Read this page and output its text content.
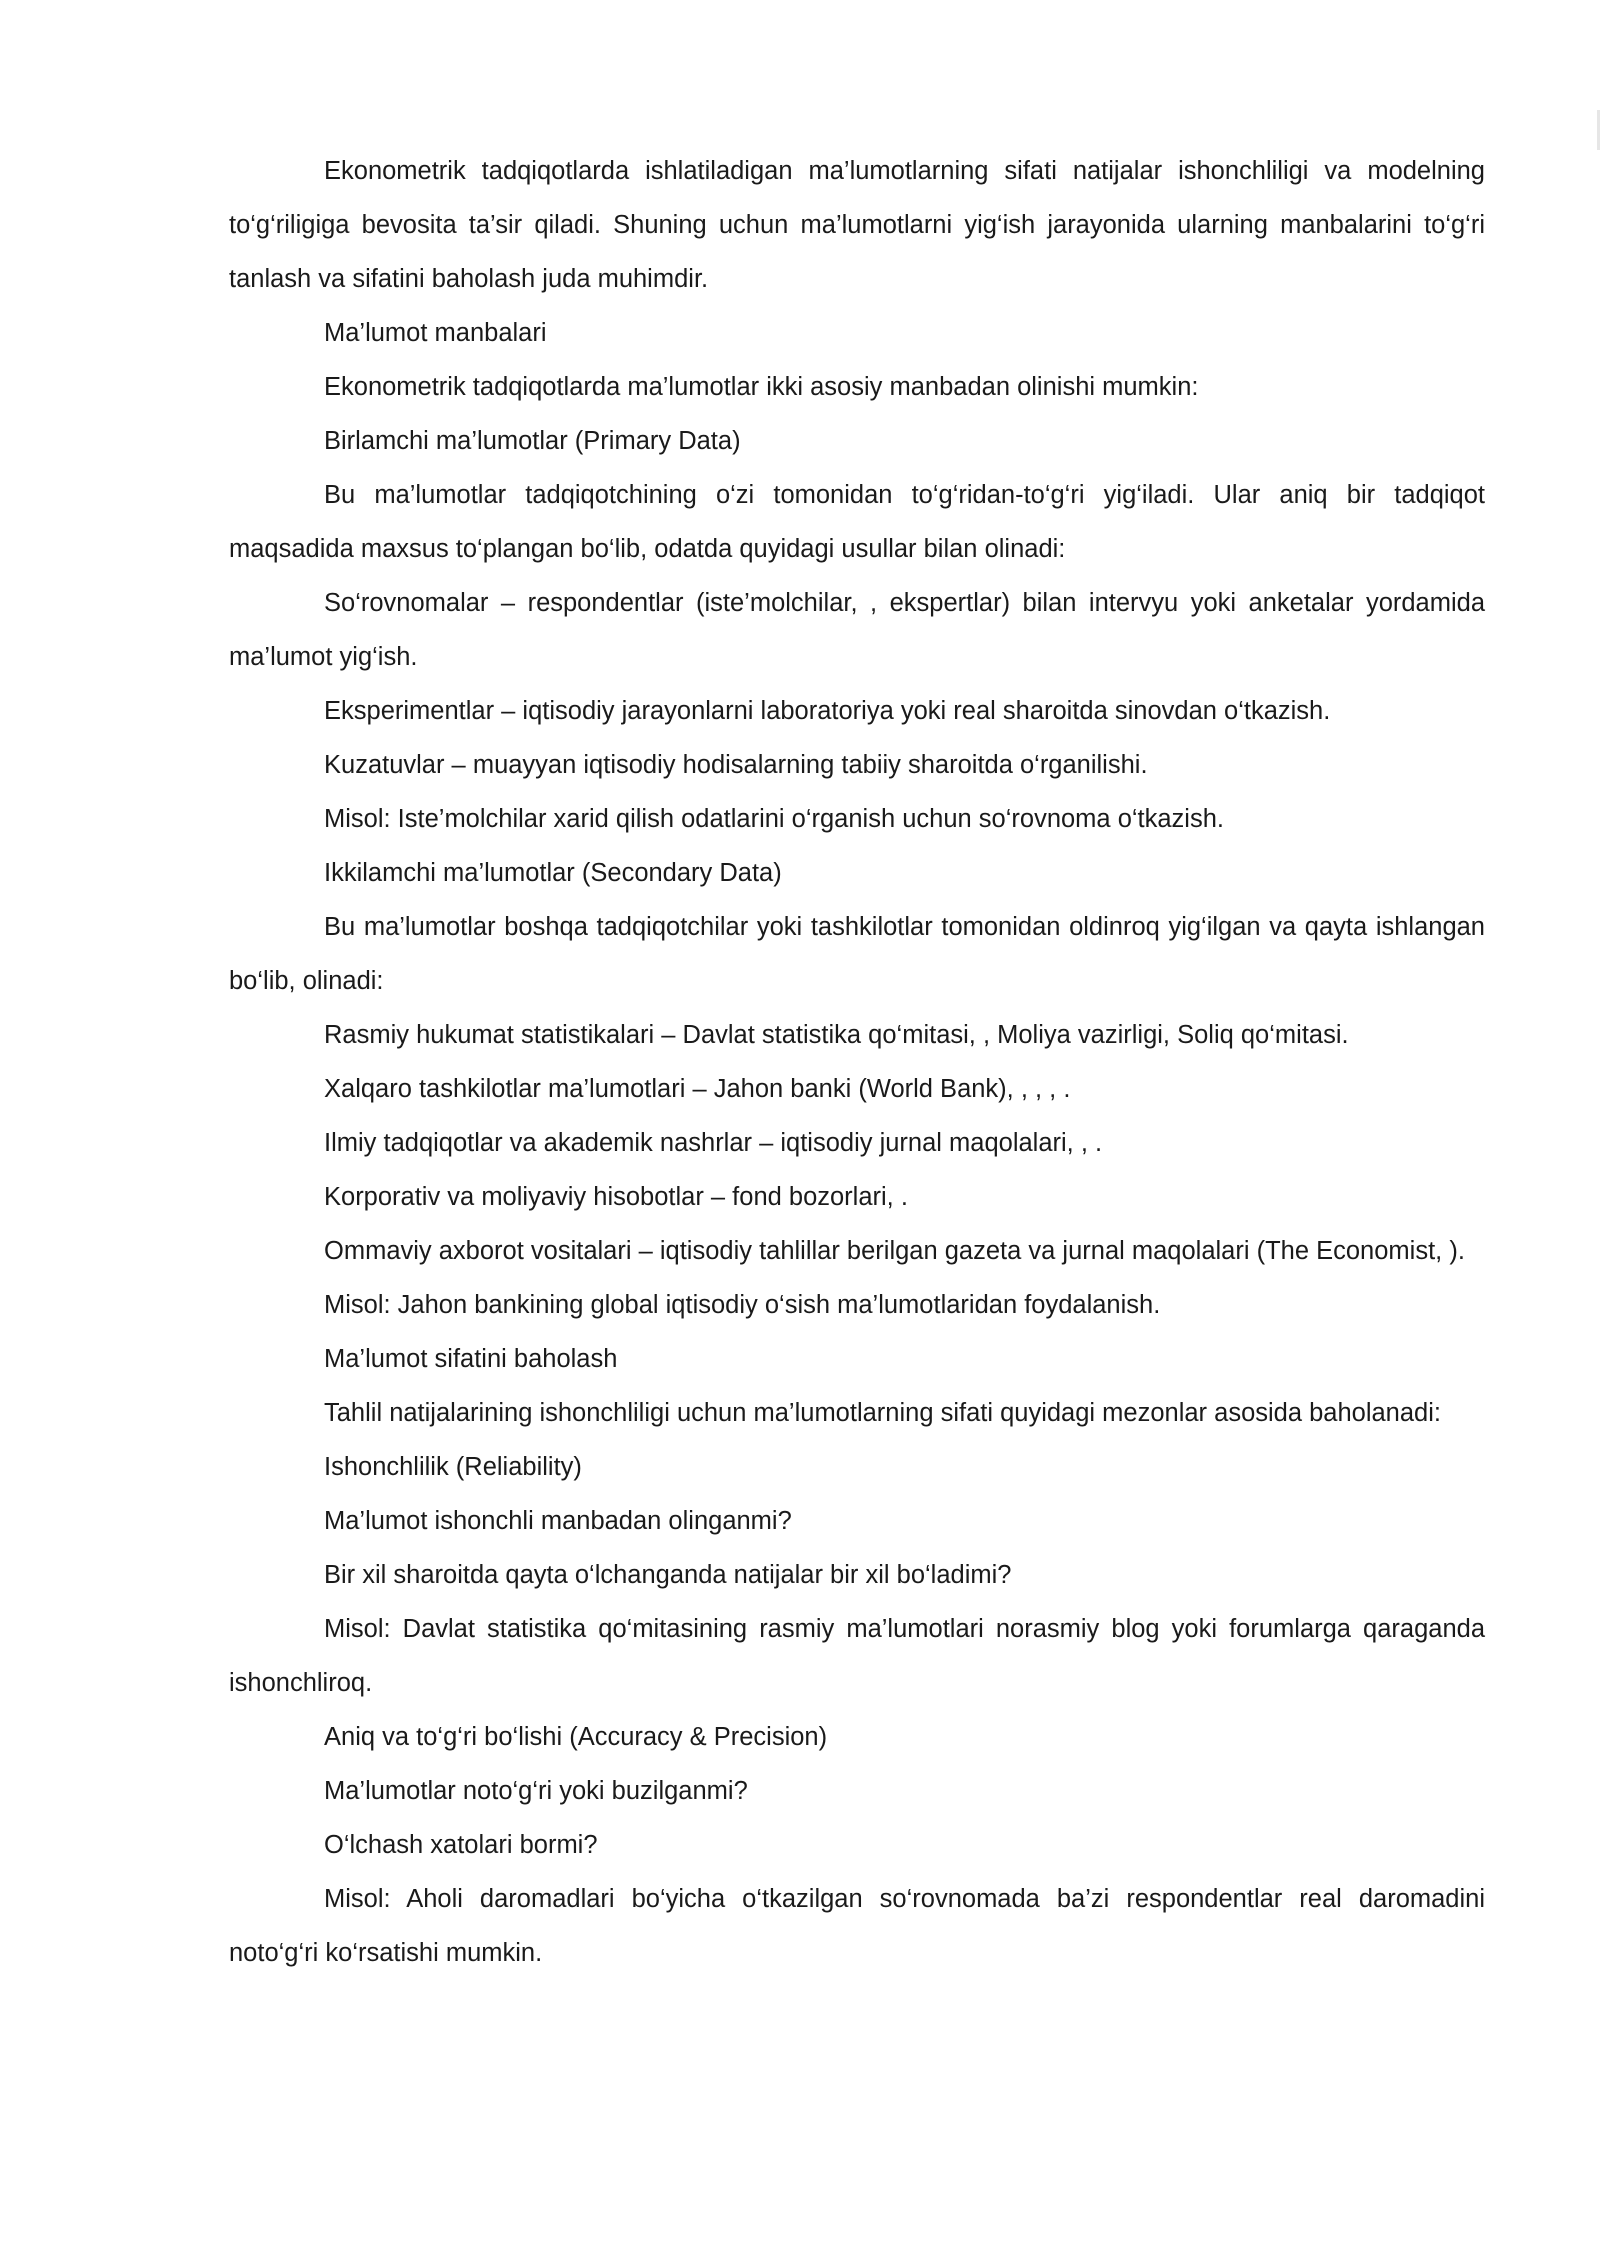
Ekonometrik tadqiqotlarda ishlatiladigan ma’lumotlarning sifati natijalar ishonchliligi va modelning to‘g‘riligiga bevosita ta’sir qiladi. Shuning uchun ma’lumotlarni yig‘ish jarayonida ularning manbalarini to‘g‘ri tanlash va sifatini baholash juda muhimdir.

Ma’lumot manbalari

Ekonometrik tadqiqotlarda ma’lumotlar ikki asosiy manbadan olinishi mumkin:

Birlamchi ma’lumotlar (Primary Data)

Bu ma’lumotlar tadqiqotchining o‘zi tomonidan to‘g‘ridan-to‘g‘ri yig‘iladi. Ular aniq bir tadqiqot maqsadida maxsus to‘plangan bo‘lib, odatda quyidagi usullar bilan olinadi:

So‘rovnomalar – respondentlar (iste’molchilar, , ekspertlar) bilan intervyu yoki anketalar yordamida ma’lumot yig‘ish.

Eksperimentlar – iqtisodiy jarayonlarni laboratoriya yoki real sharoitda sinovdan o‘tkazish.

Kuzatuvlar – muayyan iqtisodiy hodisalarning tabiiy sharoitda o‘rganilishi.

Misol: Iste’molchilar xarid qilish odatlarini o‘rganish uchun so‘rovnoma o‘tkazish.

Ikkilamchi ma’lumotlar (Secondary Data)

Bu ma’lumotlar boshqa tadqiqotchilar yoki tashkilotlar tomonidan oldinroq yig‘ilgan va qayta ishlangan bo‘lib, olinadi:

Rasmiy hukumat statistikalari – Davlat statistika qo‘mitasi, , Moliya vazirligi, Soliq qo‘mitasi.

Xalqaro tashkilotlar ma’lumotlari – Jahon banki (World Bank), , , , .

Ilmiy tadqiqotlar va akademik nashrlar – iqtisodiy jurnal maqolalari, , .

Korporativ va moliyaviy hisobotlar – fond bozorlari, .

Ommaviy axborot vositalari – iqtisodiy tahlillar berilgan gazeta va jurnal maqolalari (The Economist, ).

Misol: Jahon bankining global iqtisodiy o‘sish ma’lumotlaridan foydalanish.

Ma’lumot sifatini baholash

Tahlil natijalarining ishonchliligi uchun ma’lumotlarning sifati quyidagi mezonlar asosida baholanadi:

Ishonchlilik (Reliability)

Ma’lumot ishonchli manbadan olinganmi?

Bir xil sharoitda qayta o‘lchanganda natijalar bir xil bo‘ladimi?

Misol: Davlat statistika qo‘mitasining rasmiy ma’lumotlari norasmiy blog yoki forumlarga qaraganda ishonchliroq.

Aniq va to‘g‘ri bo‘lishi (Accuracy & Precision)

Ma’lumotlar noto‘g‘ri yoki buzilganmi?

O‘lchash xatolari bormi?

Misol: Aholi daromadlari bo‘yicha o‘tkazilgan so‘rovnomada ba’zi respondentlar real daromadini noto‘g‘ri ko‘rsatishi mumkin.
